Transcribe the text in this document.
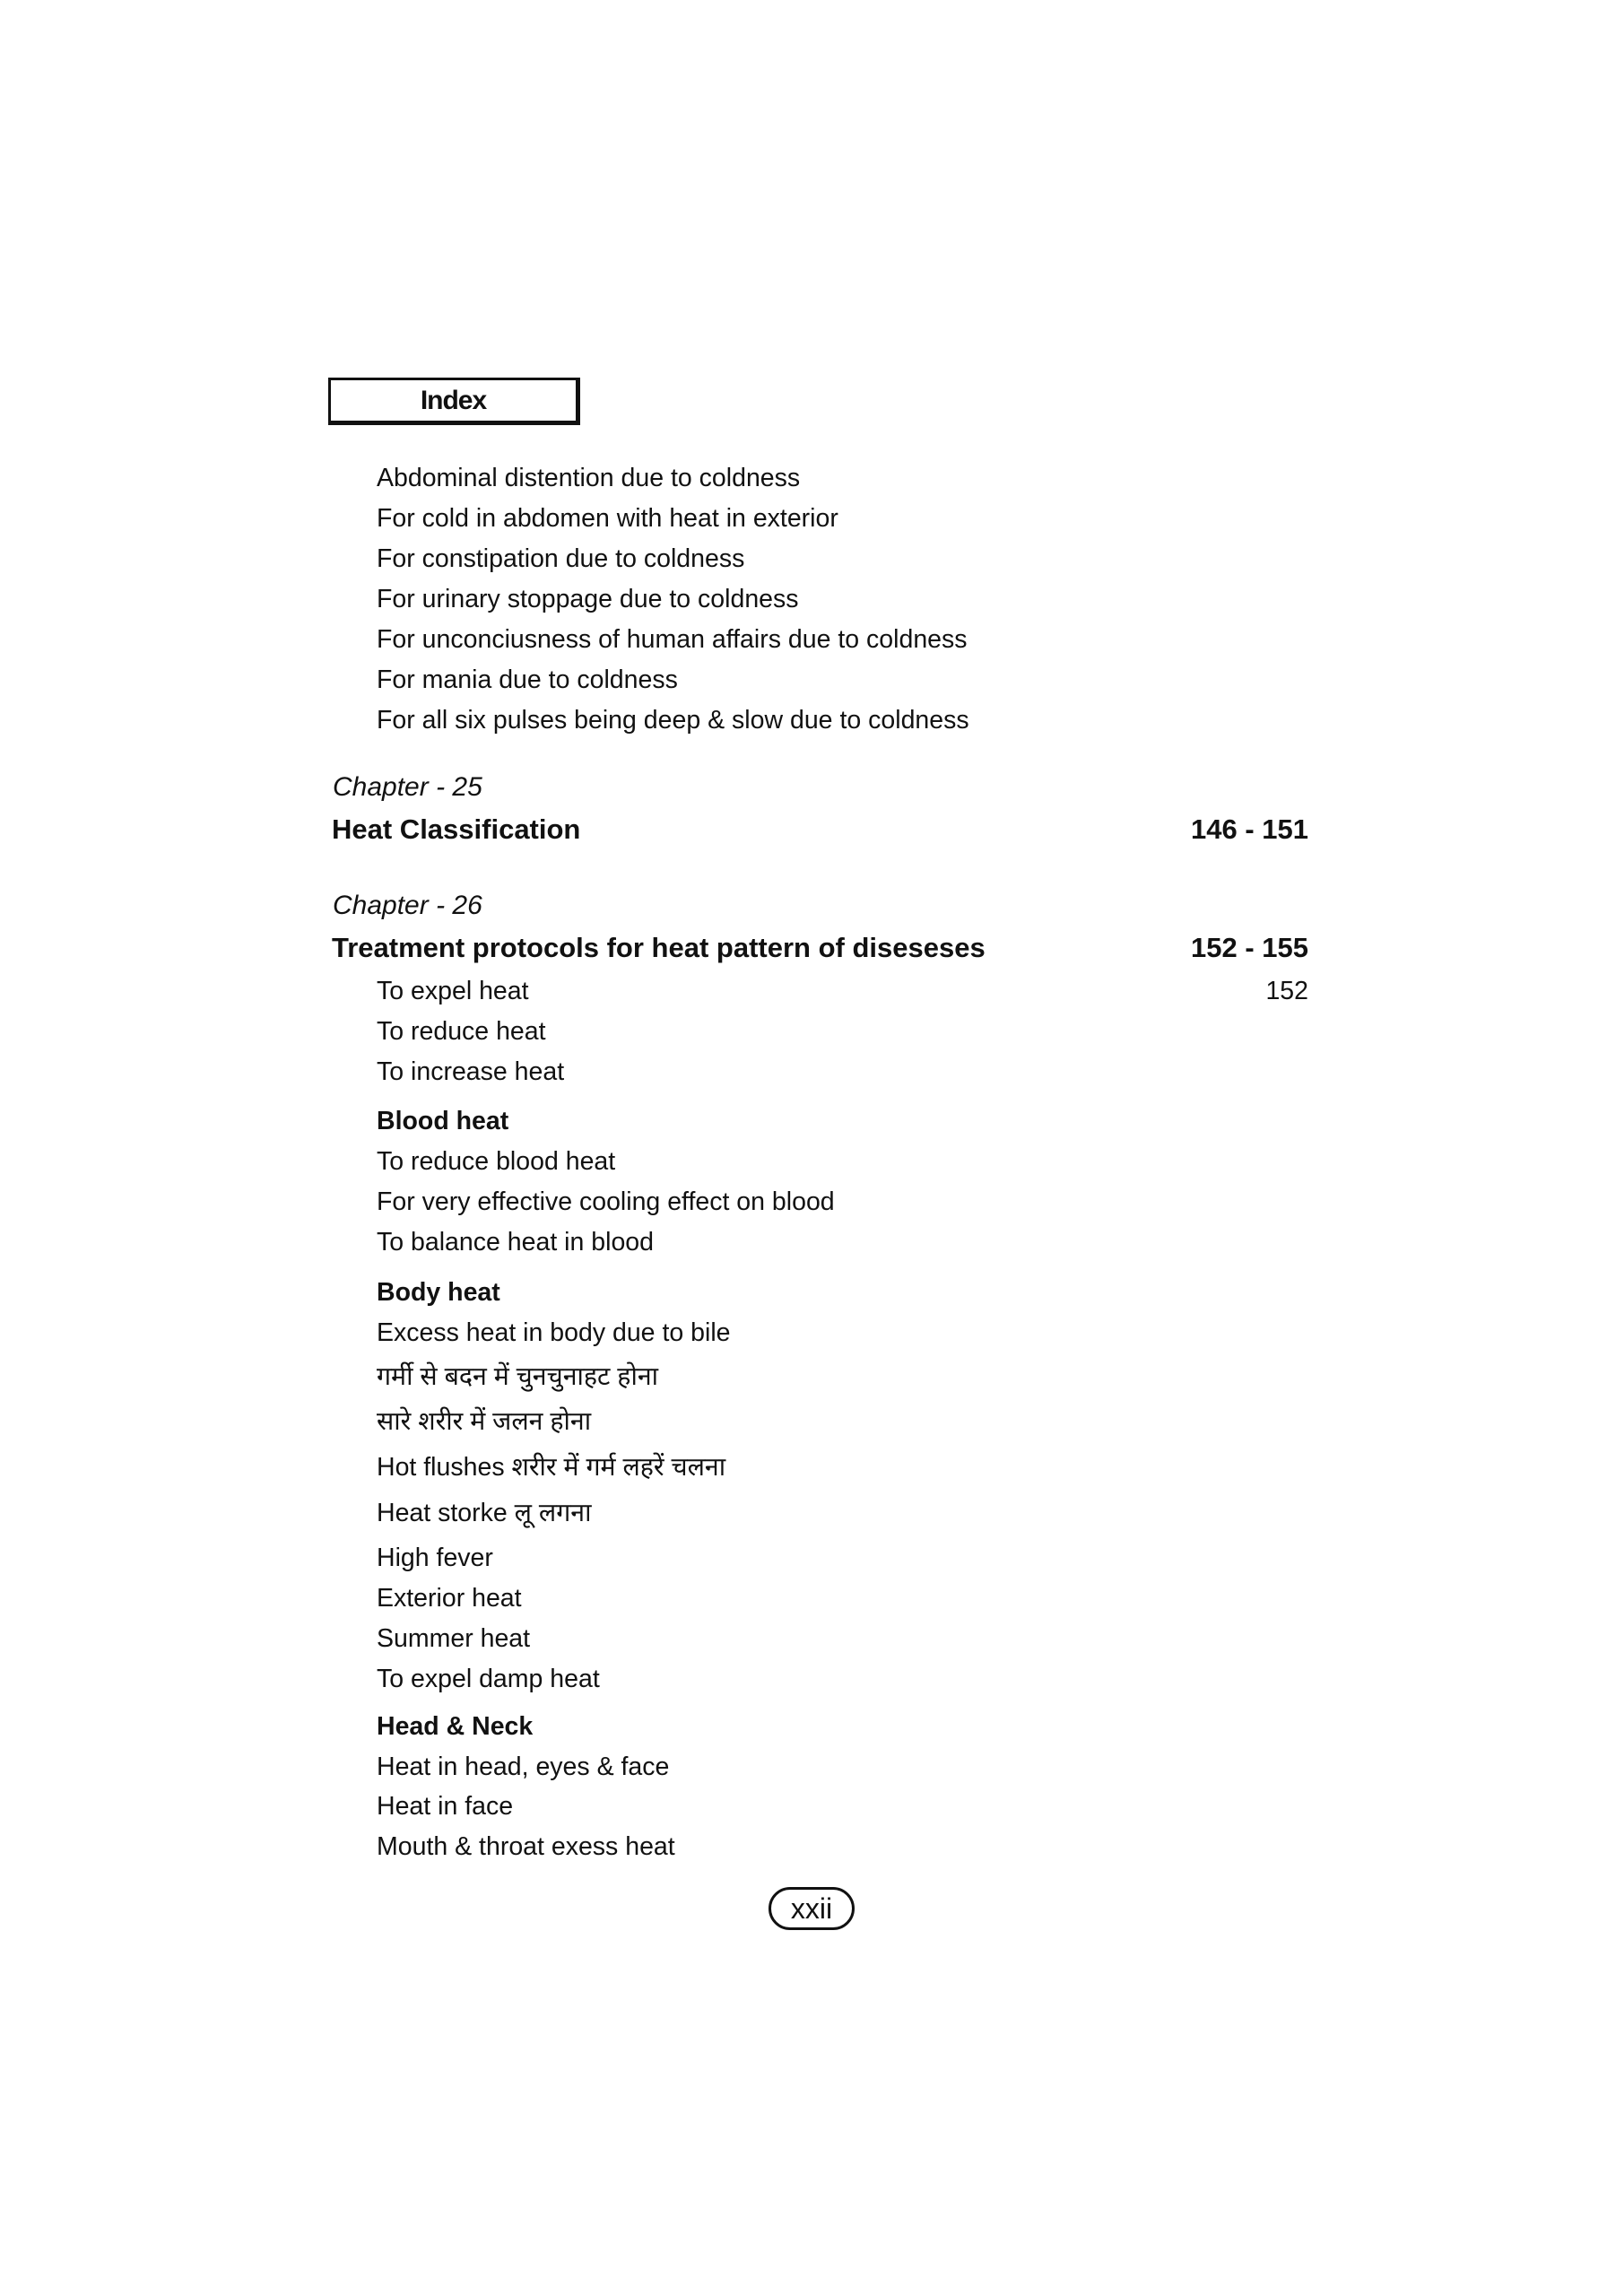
Index
Abdominal distention due to coldness
For cold in abdomen with heat in exterior
For constipation due to coldness
For urinary stoppage due to coldness
For unconciusness of human affairs due to coldness
For mania due to coldness
For all six pulses being deep & slow due to coldness
Chapter - 25
Heat Classification	146 - 151
Chapter - 26
Treatment protocols for heat pattern of diseseses	152 - 155
To expel heat	152
To reduce heat
To increase heat
Blood heat
To reduce blood heat
For very effective cooling effect on blood
To balance heat in blood
Body heat
Excess heat in body due to bile
गर्मी से बदन में चुनचुनाहट होना
सारे शरीर में जलन होना
Hot flushes शरीर में गर्म लहरें चलना
Heat storke लू लगना
High fever
Exterior heat
Summer heat
To expel damp heat
Head & Neck
Heat in head, eyes & face
Heat in face
Mouth & throat exess heat
xxii
